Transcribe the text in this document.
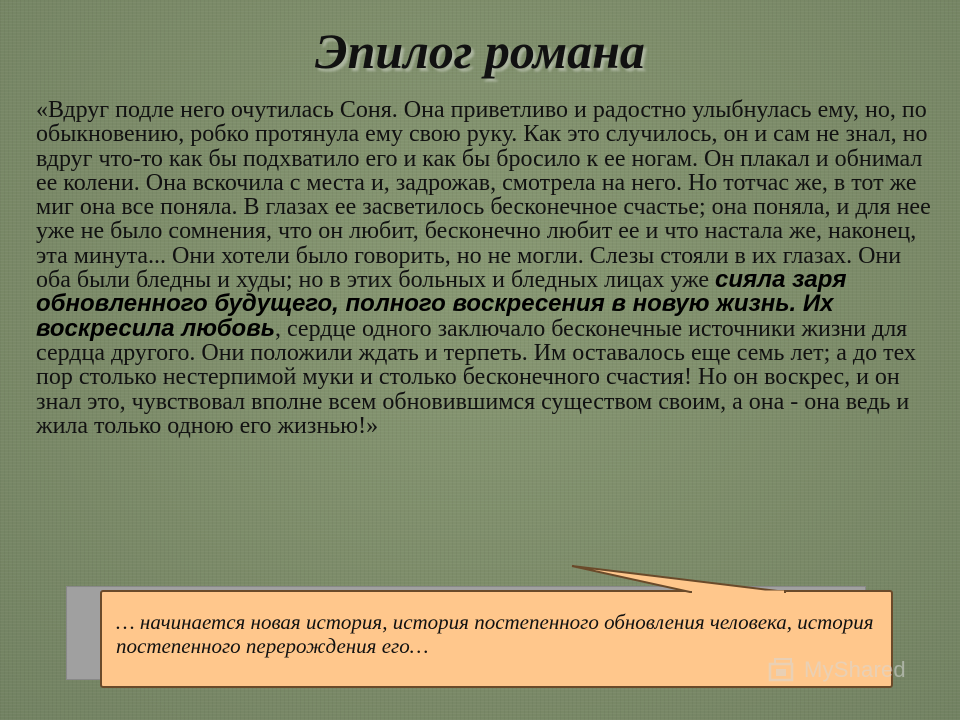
Эпилог романа

«Вдруг подле него очутилась Соня. Она приветливо и радостно улыбнулась ему, но, по обыкновению, робко протянула ему свою руку. Как это случилось, он и сам не знал, но вдруг что-то как бы подхватило его и как бы бросило к ее ногам. Он плакал и обнимал ее колени. Она вскочила с места и, задрожав, смотрела на него. Но тотчас же, в тот же миг она все поняла. В глазах ее засветилось бесконечное счастье; она поняла, и для нее уже не было сомнения, что он любит, бесконечно любит ее и что настала же, наконец, эта минута... Они хотели было говорить, но не могли. Слезы стояли в их глазах. Они оба были бледны и худы; но в этих больных и бледных лицах уже сияла заря обновленного будущего, полного воскресения в новую жизнь. Их воскресила любовь, сердце одного заключало бесконечные источники жизни для сердца другого. Они положили ждать и терпеть. Им оставалось еще семь лет; а до тех пор столько нестерпимой муки и столько бесконечного счастия! Но он воскрес, и он знал это, чувствовал вполне всем обновившимся существом своим, а она - она ведь и жила только одною его жизнью!»

… начинается новая история, история постепенного обновления человека, история постепенного перерождения его…

MyShared
